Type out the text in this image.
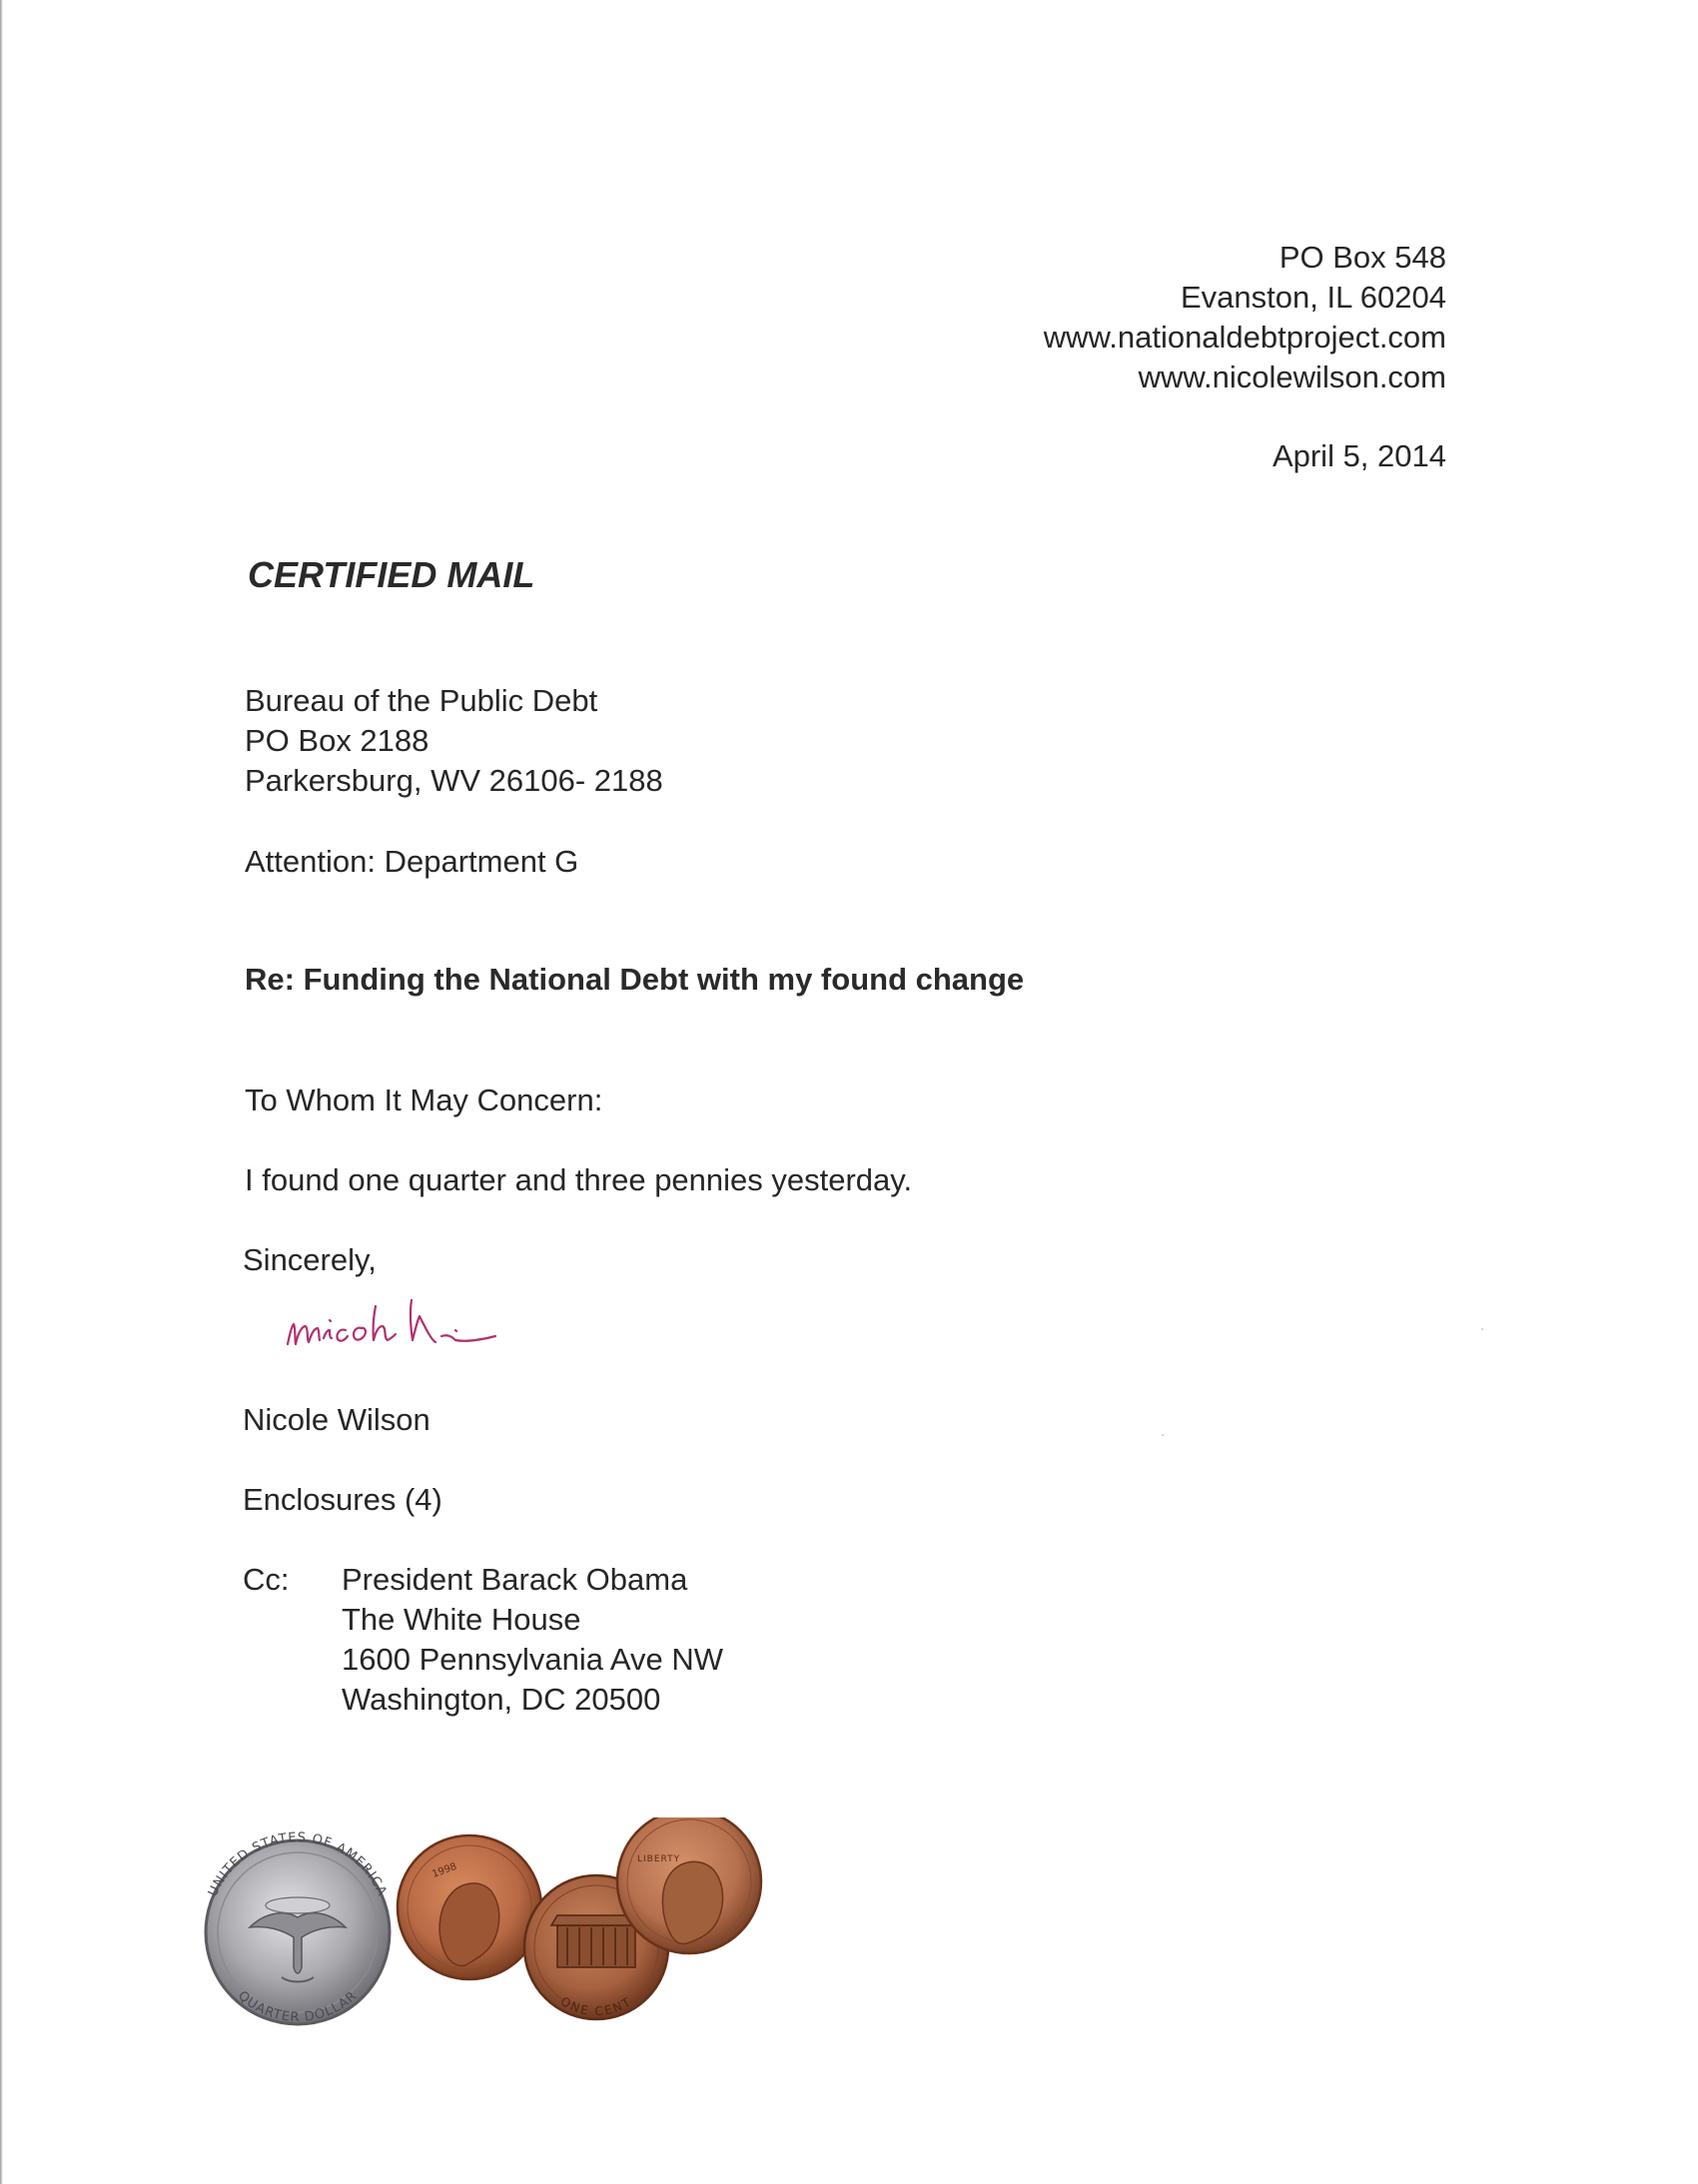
PO Box 548
Evanston, IL 60204
www.nationaldebtproject.com
www.nicolewilson.com
April 5, 2014
CERTIFIED MAIL
Bureau of the Public Debt
PO Box 2188
Parkersburg, WV 26106- 2188
Attention: Department G
Re: Funding the National Debt with my found change
To Whom It May Concern:
I found one quarter and three pennies yesterday.
Sincerely,
Nicole Wilson
Enclosures (4)
Cc: President Barack Obama
The White House
1600 Pennsylvania Ave NW
Washington, DC 20500
UNITED STATES OF AMERICA
QUARTER DOLLAR
1998
ONE CENT
LIBERTY
